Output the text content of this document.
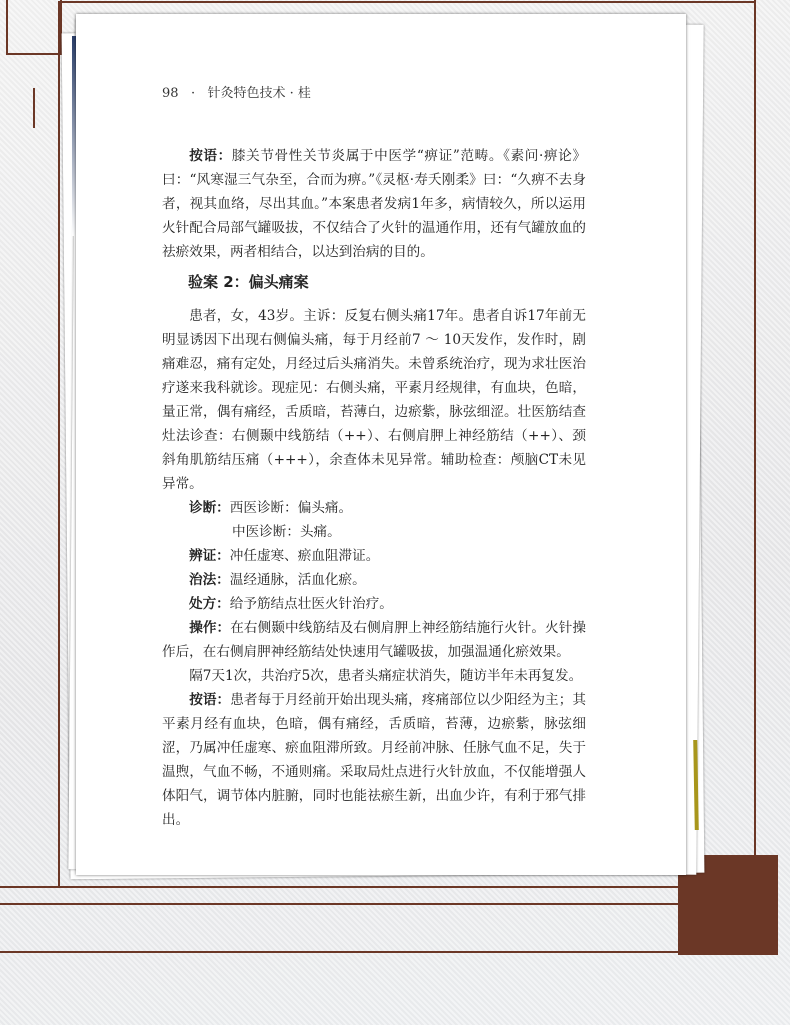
98 · 针灸特色技术 · 桂

按语：膝关节骨性关节炎属于中医学“痹证”范畴。《素问·痹论》曰：“风寒湿三气杂至，合而为痹。”《灵枢·寿夭刚柔》曰：“久痹不去身者，视其血络，尽出其血。”本案患者发病1年多，病情较久，所以运用火针配合局部气罐吸拔，不仅结合了火针的温通作用，还有气罐放血的祛瘀效果，两者相结合，以达到治病的目的。

验案 2：偏头痛案

患者，女，43岁。主诉：反复右侧头痛17年。患者自诉17年前无明显诱因下出现右侧偏头痛，每于月经前7 ～ 10天发作，发作时，剧痛难忍，痛有定处，月经过后头痛消失。未曾系统治疗，现为求壮医治疗遂来我科就诊。现症见：右侧头痛，平素月经规律，有血块，色暗，量正常，偶有痛经，舌质暗，苔薄白，边瘀紫，脉弦细涩。壮医筋结查灶法诊查：右侧颞中线筋结（++）、右侧肩胛上神经筋结（++）、颈斜角肌筋结压痛（+++），余查体未见异常。辅助检查：颅脑CT未见异常。

诊断：西医诊断：偏头痛。

中医诊断：头痛。

辨证：冲任虚寒、瘀血阻滞证。

治法：温经通脉，活血化瘀。

处方：给予筋结点壮医火针治疗。

操作：在右侧颞中线筋结及右侧肩胛上神经筋结施行火针。火针操作后，在右侧肩胛神经筋结处快速用气罐吸拔，加强温通化瘀效果。

隔7天1次，共治疗5次，患者头痛症状消失，随访半年未再复发。

按语：患者每于月经前开始出现头痛，疼痛部位以少阳经为主；其平素月经有血块，色暗，偶有痛经，舌质暗，苔薄，边瘀紫，脉弦细涩，乃属冲任虚寒、瘀血阻滞所致。月经前冲脉、任脉气血不足，失于温煦，气血不畅，不通则痛。采取局灶点进行火针放血，不仅能增强人体阳气，调节体内脏腑，同时也能祛瘀生新，出血少许，有利于邪气排出。
